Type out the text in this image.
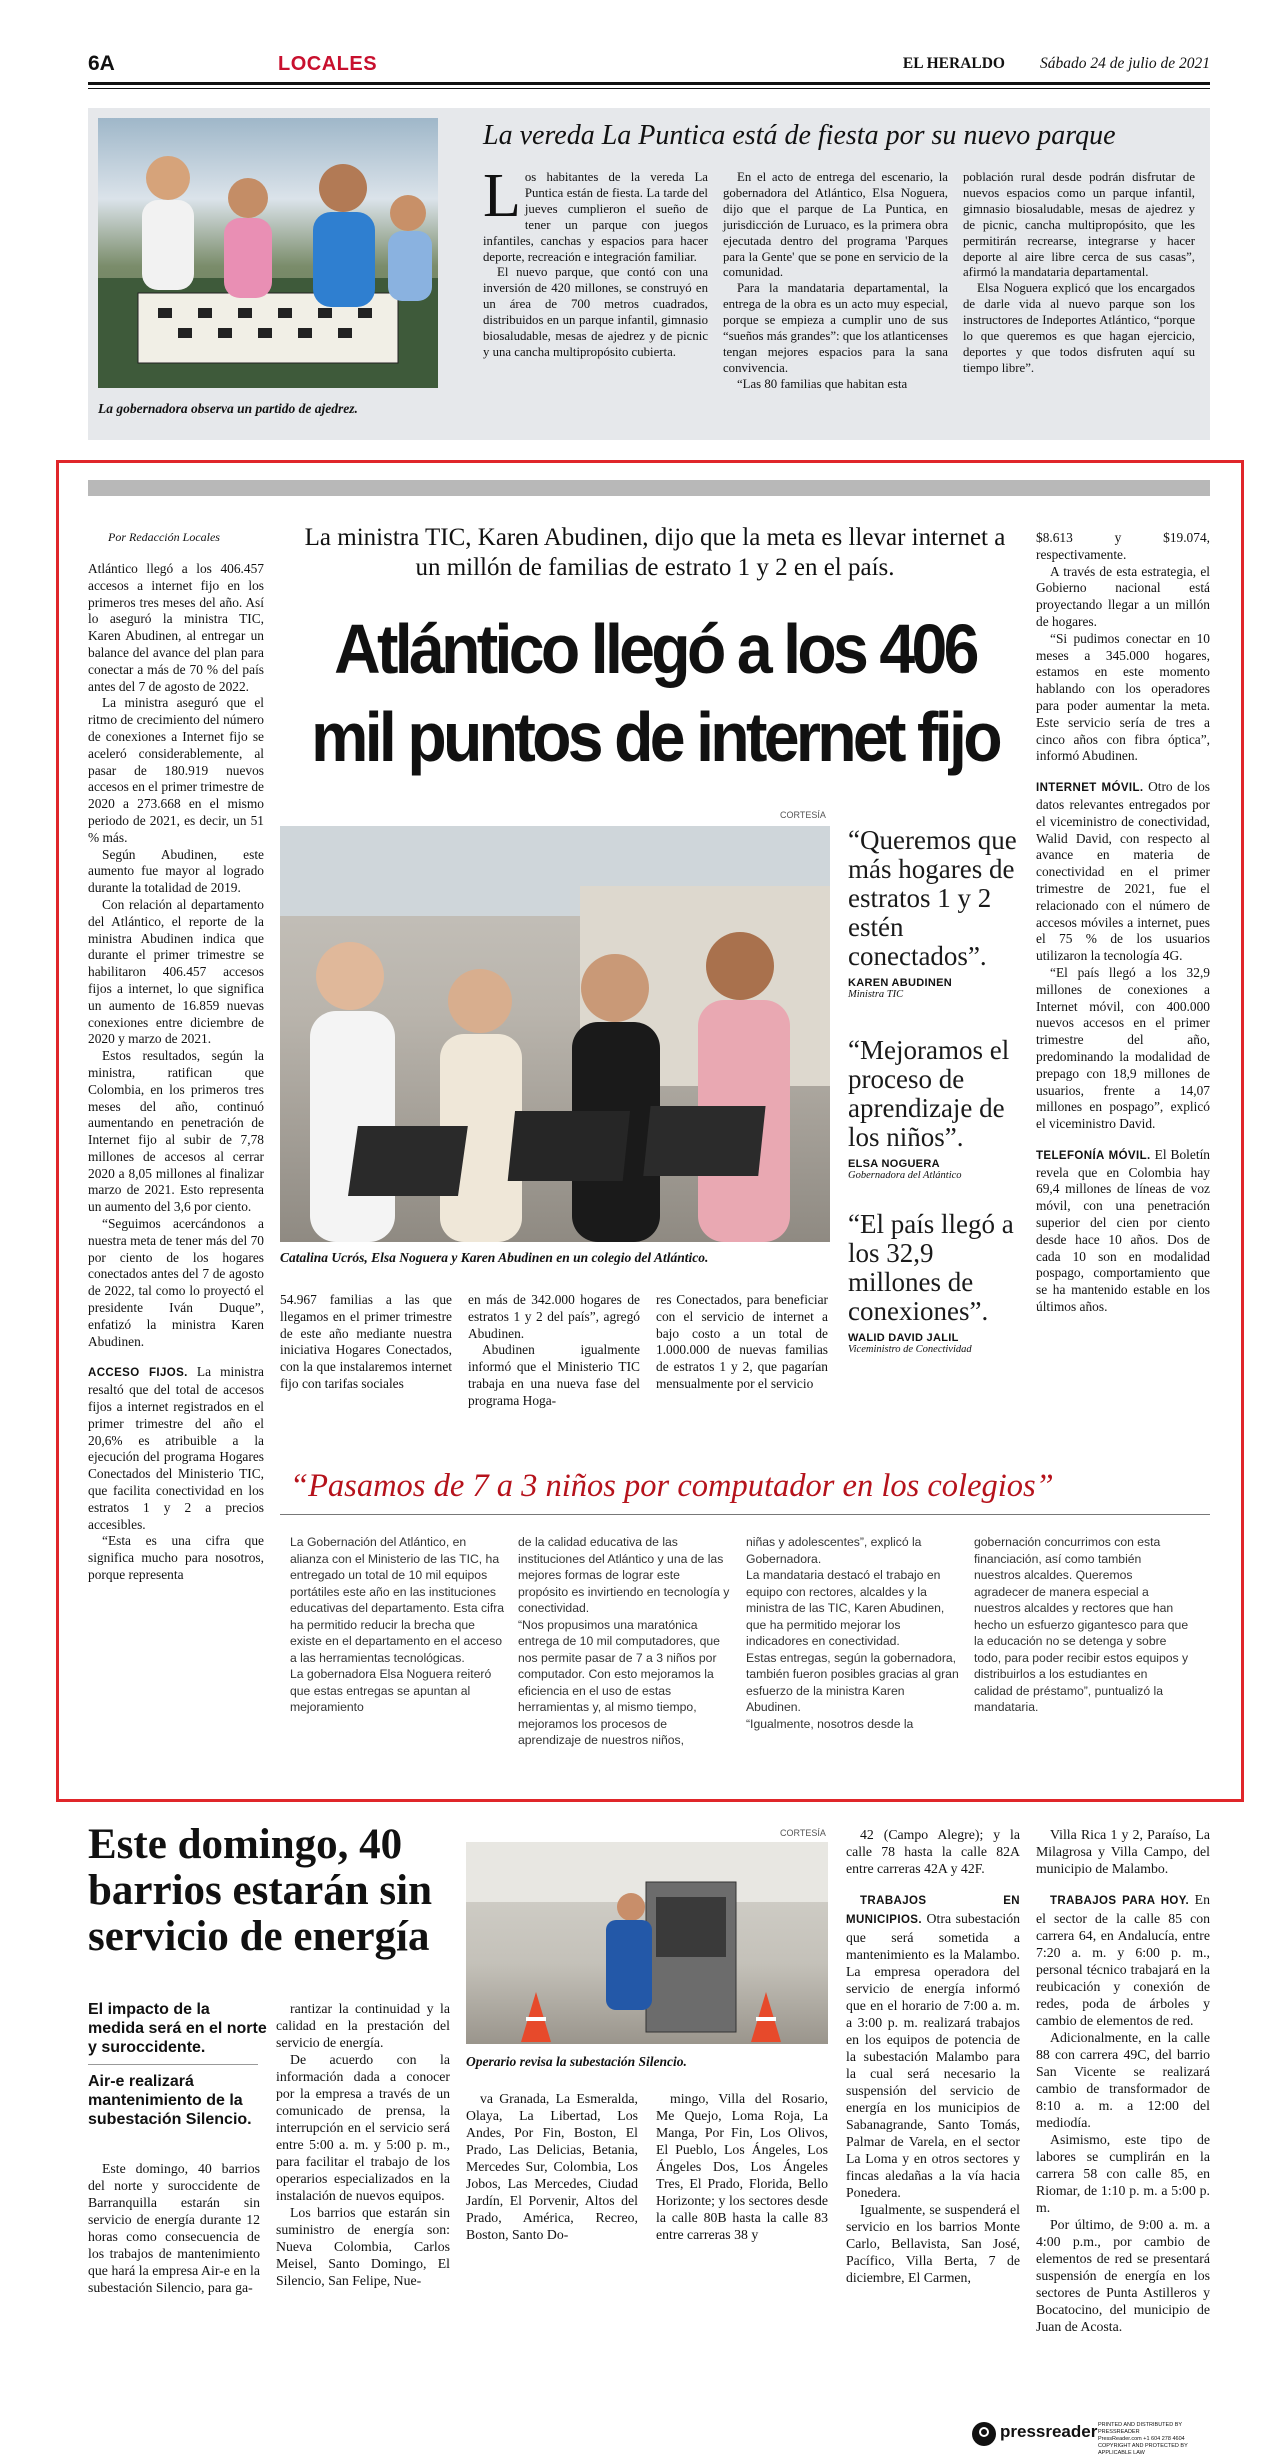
6A	LOCALES	EL HERALDO Sábado 24 de julio de 2021
La gobernadora observa un partido de ajedrez.
La vereda La Puntica está de fiesta por su nuevo parque

Los habitantes de la vereda La Puntica están de fiesta. La tarde del jueves cumplieron el sueño de tener un parque con juegos infantiles, canchas y espacios para hacer deporte, recreación e integración familiar.

El nuevo parque, que contó con una inversión de 420 millones, se construyó en un área de 700 metros cuadrados, distribuidos en un parque infantil, gimnasio biosaludable, mesas de ajedrez y de picnic y una cancha multipropósito cubierta.

En el acto de entrega del escenario, la gobernadora del Atlántico, Elsa Noguera, dijo que el parque de La Puntica, en jurisdicción de Luruaco, es la primera obra ejecutada dentro del programa 'Parques para la Gente' que se pone en servicio de la comunidad.

Para la mandataria departamental, la entrega de la obra es un acto muy especial, porque se empieza a cumplir uno de sus “sueños más grandes”: que los atlanticenses tengan mejores espacios para la sana convivencia.

“Las 80 familias que habitan esta

población rural desde podrán disfrutar de nuevos espacios como un parque infantil, gimnasio biosaludable, mesas de ajedrez y de picnic, cancha multipropósito, que les permitirán recrearse, integrarse y hacer deporte al aire libre cerca de sus casas”, afirmó la mandataria departamental.

Elsa Noguera explicó que los encargados de darle vida al nuevo parque son los instructores de Indeportes Atlántico, “porque lo que queremos es que hagan ejercicio, deportes y que todos disfruten aquí su tiempo libre”.

Por Redacción Locales

Atlántico llegó a los 406.457 accesos a internet fijo en los primeros tres meses del año. Así lo aseguró la ministra TIC, Karen Abudinen, al entregar un balance del avance del plan para conectar a más de 70 % del país antes del 7 de agosto de 2022.

La ministra aseguró que el ritmo de crecimiento del número de conexiones a Internet fijo se aceleró considerablemente, al pasar de 180.919 nuevos accesos en el primer trimestre de 2020 a 273.668 en el mismo periodo de 2021, es decir, un 51 % más.

Según Abudinen, este aumento fue mayor al logrado durante la totalidad de 2019.

Con relación al departamento del Atlántico, el reporte de la ministra Abudinen indica que durante el primer trimestre se habilitaron 406.457 accesos fijos a internet, lo que significa un aumento de 16.859 nuevas conexiones entre diciembre de 2020 y marzo de 2021.

Estos resultados, según la ministra, ratifican que Colombia, en los primeros tres meses del año, continuó aumentando en penetración de Internet fijo al subir de 7,78 millones de accesos al cerrar 2020 a 8,05 millones al finalizar marzo de 2021. Esto representa un aumento del 3,6 por ciento.

“Seguimos acercándonos a nuestra meta de tener más del 70 por ciento de los hogares conectados antes del 7 de agosto de 2022, tal como lo proyectó el presidente Iván Duque”, enfatizó la ministra Karen Abudinen.

ACCESO FIJOS. La ministra resaltó que del total de accesos fijos a internet registrados en el primer trimestre del año el 20,6% es atribuible a la ejecución del programa Hogares Conectados del Ministerio TIC, que facilita conectividad en los estratos 1 y 2 a precios accesibles.

“Esta es una cifra que significa mucho para nosotros, porque representa

La ministra TIC, Karen Abudinen, dijo que la meta es llevar internet a un millón de familias de estrato 1 y 2 en el país.
Atlántico llegó a los 406
mil puntos de internet fijo
CORTESÍA
Catalina Ucrós, Elsa Noguera y Karen Abudinen en un colegio del Atlántico.
“Queremos que más hogares de estratos 1 y 2 estén conectados”.
KAREN ABUDINEN
Ministra TIC
“Mejoramos el proceso de aprendizaje de los niños”.
ELSA NOGUERA
Gobernadora del Atlántico
“El país llegó a los 32,9 millones de conexiones”.
WALID DAVID JALIL
Viceministro de Conectividad

54.967 familias a las que llegamos en el primer trimestre de este año mediante nuestra iniciativa Hogares Conectados, con la que instalaremos internet fijo con tarifas sociales

en más de 342.000 hogares de estratos 1 y 2 del país”, agregó Abudinen.

Abudinen igualmente informó que el Ministerio TIC trabaja en una nueva fase del programa Hoga-

res Conectados, para beneficiar con el servicio de internet a bajo costo a un total de 1.000.000 de nuevas familias de estratos 1 y 2, que pagarían mensualmente por el servicio

$8.613 y $19.074, respectivamente.

A través de esta estrategia, el Gobierno nacional está proyectando llegar a un millón de hogares.

“Si pudimos conectar en 10 meses a 345.000 hogares, estamos en este momento hablando con los operadores para poder aumentar la meta. Este servicio sería de tres a cinco años con fibra óptica”, informó Abudinen.

INTERNET MÓVIL. Otro de los datos relevantes entregados por el viceministro de conectividad, Walid David, con respecto al avance en materia de conectividad en el primer trimestre de 2021, fue el relacionado con el número de accesos móviles a internet, pues el 75 % de los usuarios utilizaron la tecnología 4G.

“El país llegó a los 32,9 millones de conexiones a Internet móvil, con 400.000 nuevos accesos en el primer trimestre del año, predominando la modalidad de prepago con 18,9 millones de usuarios, frente a 14,07 millones en pospago”, explicó el viceministro David.

TELEFONÍA MÓVIL. El Boletín revela que en Colombia hay 69,4 millones de líneas de voz móvil, con una penetración superior del cien por ciento desde hace 10 años. Dos de cada 10 son en modalidad pospago, comportamiento que se ha mantenido estable en los últimos años.

“Pasamos de 7 a 3 niños por computador en los colegios”
La Gobernación del Atlántico, en alianza con el Ministerio de las TIC, ha entregado un total de 10 mil equipos portátiles este año en las instituciones educativas del departamento. Esta cifra ha permitido reducir la brecha que existe en el departamento en el acceso a las herramientas tecnológicas.
La gobernadora Elsa Noguera reiteró que estas entregas se apuntan al mejoramiento
de la calidad educativa de las instituciones del Atlántico y una de las mejores formas de lograr este propósito es invirtiendo en tecnología y conectividad.
“Nos propusimos una maratónica entrega de 10 mil computadores, que nos permite pasar de 7 a 3 niños por computador. Con esto mejoramos la eficiencia en el uso de estas herramientas y, al mismo tiempo, mejoramos los procesos de aprendizaje de nuestros niños,
niñas y adolescentes”, explicó la Gobernadora.
La mandataria destacó el trabajo en equipo con rectores, alcaldes y la ministra de las TIC, Karen Abudinen, que ha permitido mejorar los indicadores en conectividad.
Estas entregas, según la gobernadora, también fueron posibles gracias al gran esfuerzo de la ministra Karen Abudinen.
“Igualmente, nosotros desde la
gobernación concurrimos con esta financiación, así como también nuestros alcaldes. Queremos agradecer de manera especial a nuestros alcaldes y rectores que han hecho un esfuerzo gigantesco para que la educación no se detenga y sobre todo, para poder recibir estos equipos y distribuirlos a los estudiantes en calidad de préstamo”, puntualizó la mandataria.
Este domingo, 40 barrios estarán sin servicio de energía
El impacto de la medida será en el norte y suroccidente.
Air-e realizará mantenimiento de la subestación Silencio.

Este domingo, 40 barrios del norte y suroccidente de Barranquilla estarán sin servicio de energía durante 12 horas como consecuencia de los trabajos de mantenimiento que hará la empresa Air-e en la subestación Silencio, para ga-

rantizar la continuidad y la calidad en la prestación del servicio de energía.

De acuerdo con la información dada a conocer por la empresa a través de un comunicado de prensa, la interrupción en el servicio será entre 5:00 a. m. y 5:00 p. m., para facilitar el trabajo de los operarios especializados en la instalación de nuevos equipos.

Los barrios que estarán sin suministro de energía son: Nueva Colombia, Carlos Meisel, Santo Domingo, El Silencio, San Felipe, Nue-

CORTESÍA
Operario revisa la subestación Silencio.

va Granada, La Esmeralda, Olaya, La Libertad, Los Andes, Por Fin, Boston, El Prado, Las Delicias, Betania, Mercedes Sur, Colombia, Los Jobos, Las Mercedes, Ciudad Jardín, El Porvenir, Altos del Prado, América, Recreo, Boston, Santo Do-

mingo, Villa del Rosario, Me Quejo, Loma Roja, La Manga, Por Fin, Los Olivos, El Pueblo, Los Ángeles, Los Ángeles Dos, Los Ángeles Tres, El Prado, Florida, Bello Horizonte; y los sectores desde la calle 80B hasta la calle 83 entre carreras 38 y

42 (Campo Alegre); y la calle 78 hasta la calle 82A entre carreras 42A y 42F.

TRABAJOS EN MUNICIPIOS. Otra subestación que será sometida a mantenimiento es la Malambo. La empresa operadora del servicio de energía informó que en el horario de 7:00 a. m. a 3:00 p. m. realizará trabajos en los equipos de potencia de la subestación Malambo para la cual será necesario la suspensión del servicio de energía en los municipios de Sabanagrande, Santo Tomás, Palmar de Varela, en el sector La Loma y en otros sectores y fincas aledañas a la vía hacia Ponedera.

Igualmente, se suspenderá el servicio en los barrios Monte Carlo, Bellavista, San José, Pacífico, Villa Berta, 7 de diciembre, El Carmen,

Villa Rica 1 y 2, Paraíso, La Milagrosa y Villa Campo, del municipio de Malambo.

TRABAJOS PARA HOY. En el sector de la calle 85 con carrera 64, en Andalucía, entre 7:20 a. m. y 6:00 p. m., personal técnico trabajará en la reubicación y conexión de redes, poda de árboles y cambio de elementos de red.

Adicionalmente, en la calle 88 con carrera 49C, del barrio San Vicente se realizará cambio de transformador de 8:10 a. m. a 12:00 del mediodía.

Asimismo, este tipo de labores se cumplirán en la carrera 58 con calle 85, en Riomar, de 1:10 p. m. a 5:00 p. m.

Por último, de 9:00 a. m. a 4:00 p.m., por cambio de elementos de red se presentará suspensión de energía en los sectores de Punta Astilleros y Bocatocino, del municipio de Juan de Acosta.

pressreader PRINTED AND DISTRIBUTED BY PRESSREADER
PressReader.com +1 604 278 4604
COPYRIGHT AND PROTECTED BY APPLICABLE LAW
